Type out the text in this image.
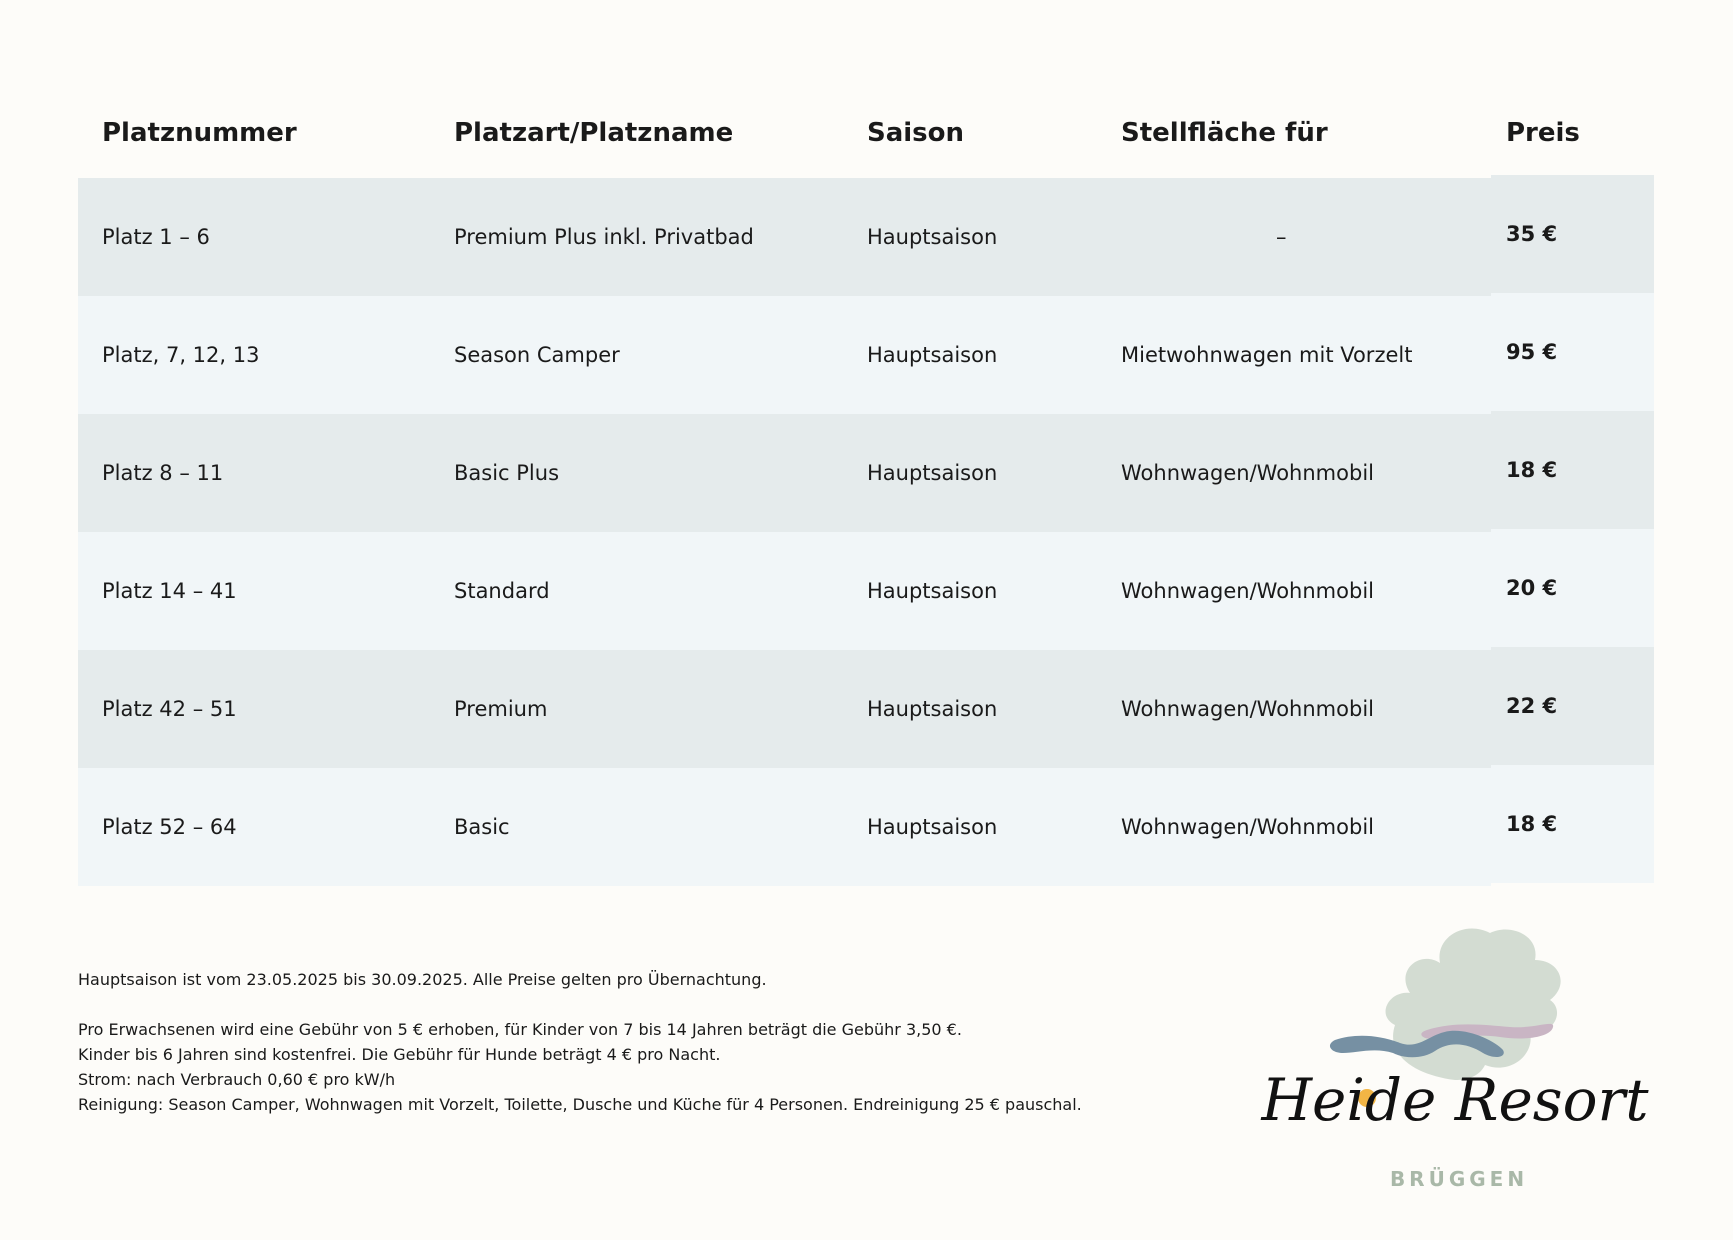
Platznummer	Platzart/Platzname	Saison	Stellfläche für	Preis
Platz 1 – 6	Premium Plus inkl. Privatbad	Hauptsaison	–	35 €
Platz, 7, 12, 13	Season Camper	Hauptsaison	Mietwohnwagen mit Vorzelt	95 €
Platz 8 – 11	Basic Plus	Hauptsaison	Wohnwagen/Wohnmobil	18 €
Platz 14 – 41	Standard	Hauptsaison	Wohnwagen/Wohnmobil	20 €
Platz 42 – 51	Premium	Hauptsaison	Wohnwagen/Wohnmobil	22 €
Platz 52 – 64	Basic	Hauptsaison	Wohnwagen/Wohnmobil	18 €

Hauptsaison ist vom 23.05.2025 bis 30.09.2025. Alle Preise gelten pro Übernachtung.

Pro Erwachsenen wird eine Gebühr von 5 € erhoben, für Kinder von 7 bis 14 Jahren beträgt die Gebühr 3,50 €.

Kinder bis 6 Jahren sind kostenfrei. Die Gebühr für Hunde beträgt 4 € pro Nacht.

Strom: nach Verbrauch 0,60 € pro kW/h

Reinigung: Season Camper, Wohnwagen mit Vorzelt, Toilette, Dusche und Küche für 4 Personen. Endreinigung 25 € pauschal.	Heide Resort
BRÜGGEN
